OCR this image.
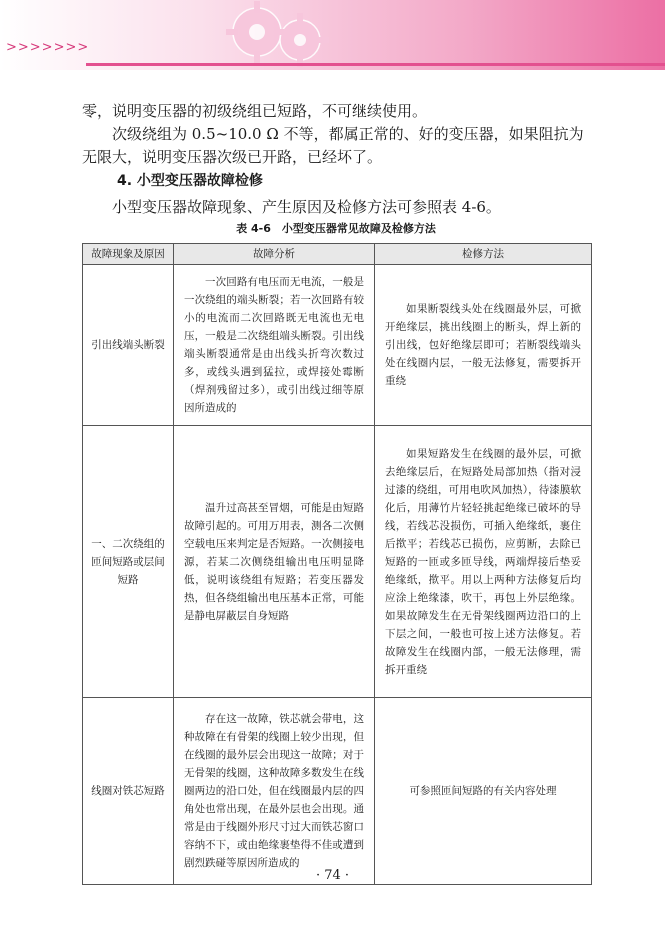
>>>>>>>
零，说明变压器的初级绕组已短路，不可继续使用。
次级绕组为 0.5~10.0 Ω 不等，都属正常的、好的变压器，如果阻抗为无限大，说明变压器次级已开路，已经坏了。
4. 小型变压器故障检修
小型变压器故障现象、产生原因及检修方法可参照表 4-6。
表 4-6　小型变压器常见故障及检修方法
故障现象及原因	故障分析	检修方法
引出线端头断裂	一次回路有电压而无电流，一般是一次绕组的端头断裂；若一次回路有较小的电流而二次回路既无电流也无电压，一般是二次绕组端头断裂。引出线端头断裂通常是由出线头折弯次数过多，或线头遇到猛拉，或焊接处霉断（焊剂残留过多），或引出线过细等原因所造成的	如果断裂线头处在线圈最外层，可掀开绝缘层，挑出线圈上的断头，焊上新的引出线，包好绝缘层即可；若断裂线端头处在线圈内层，一般无法修复，需要拆开重绕
一、二次绕组的匝间短路或层间短路	温升过高甚至冒烟，可能是由短路故障引起的。可用万用表，测各二次侧空载电压来判定是否短路。一次侧接电源，若某二次侧绕组输出电压明显降低，说明该绕组有短路；若变压器发热，但各绕组输出电压基本正常，可能是静电屏蔽层自身短路	如果短路发生在线圈的最外层，可掀去绝缘层后，在短路处局部加热（指对浸过漆的绕组，可用电吹风加热），待漆膜软化后，用薄竹片轻轻挑起绝缘已破坏的导线，若线芯没损伤，可插入绝缘纸，裹住后揿平；若线芯已损伤，应剪断，去除已短路的一匝或多匝导线，两端焊接后垫妥绝缘纸，揿平。用以上两种方法修复后均应涂上绝缘漆，吹干，再包上外层绝缘。如果故障发生在无骨架线圈两边沿口的上下层之间，一般也可按上述方法修复。若故障发生在线圈内部，一般无法修理，需拆开重绕
线圈对铁芯短路	存在这一故障，铁芯就会带电，这种故障在有骨架的线圈上较少出现，但在线圈的最外层会出现这一故障；对于无骨架的线圈，这种故障多数发生在线圈两边的沿口处，但在线圈最内层的四角处也常出现，在最外层也会出现。通常是由于线圈外形尺寸过大而铁芯窗口容纳不下，或由绝缘裹垫得不佳或遭到剧烈跌碰等原因所造成的	可参照匝间短路的有关内容处理
· 74 ·
